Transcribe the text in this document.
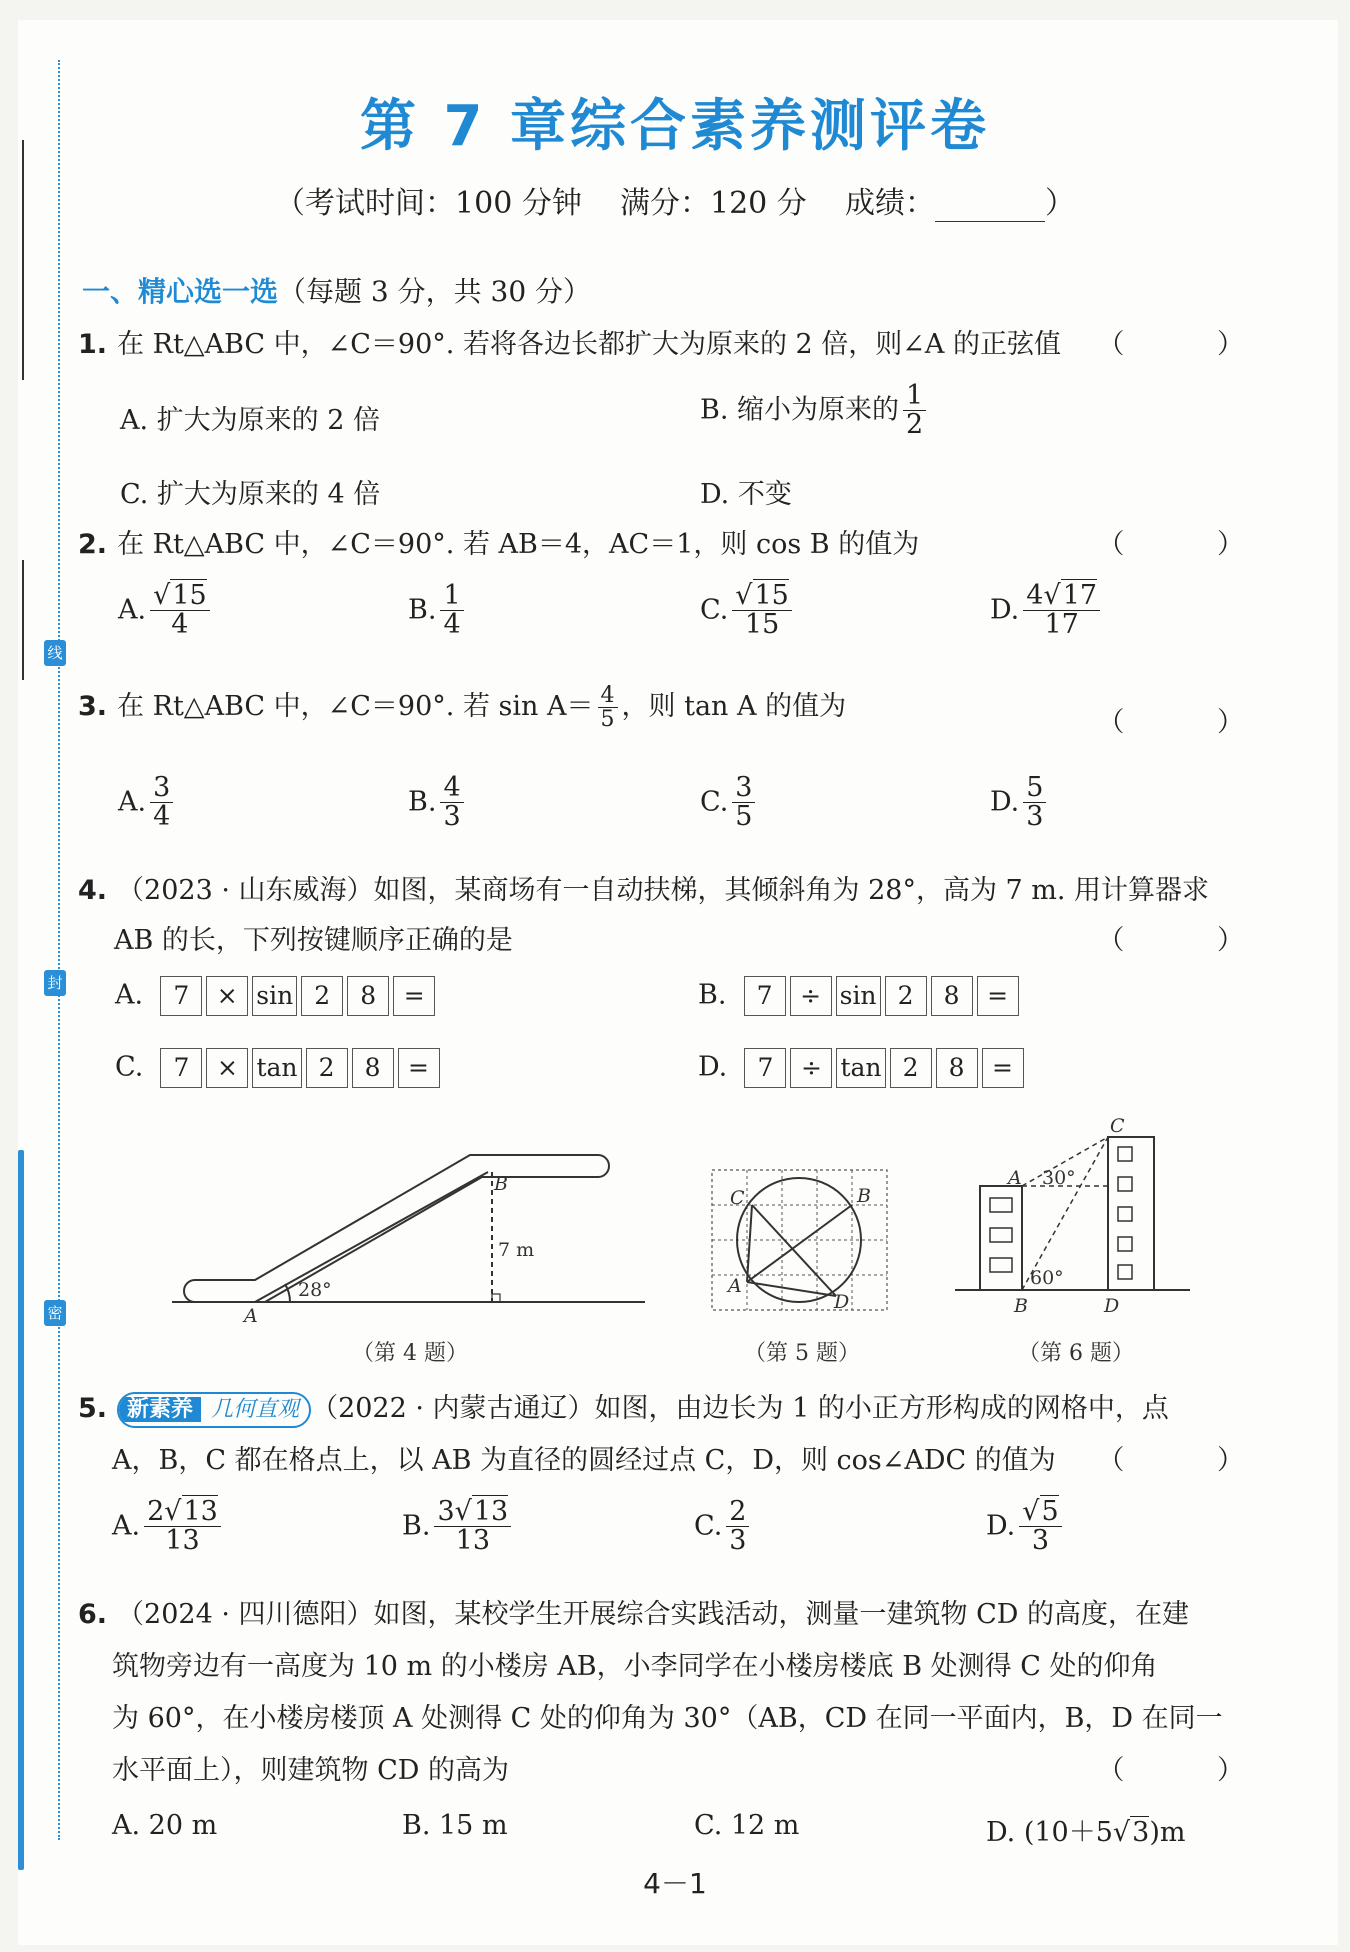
线
封
密
第 7 章综合素养测评卷
（考试时间：100 分钟 满分：120 分 成绩：	）
一、精心选一选（每题 3 分，共 30 分）
1. 在 Rt△ABC 中，∠C＝90°. 若将各边长都扩大为原来的 2 倍，则∠A 的正弦值 （ ）
A. 扩大为原来的 2 倍	B. 缩小为原来的 $\frac{1}{2}$
C. 扩大为原来的 4 倍	D. 不变
2. 在 Rt△ABC 中，∠C＝90°. 若 AB＝4，AC＝1，则 cos B 的值为	（ ）
A. $\frac{√15}{4}$	B. $\frac{1}{4}$	C. $\frac{√15}{15}$	D. $\frac{4√17}{17}$
3. 在 Rt△ABC 中，∠C＝90°. 若 $\sin A= \frac{4}{5}$ ，则 tan A 的值为
（ ）
A. $\frac{3}{4}$	B. $\frac{4}{3}$	C. $\frac{3}{5}$	D. $\frac{5}{3}$
4. （2023 · 山东威海）如图，某商场有一自动扶梯，其倾斜角为 28°，高为 7 m. 用计算器求
AB 的长，下列按键顺序正确的是	（ ）
A. 7 × sin 2 8 =	B. 7 ÷ sin 2 8 =
C. 7 × tan 2 8 =	D. 7 ÷ tan 2 8 =
28°
7 m
A
B
C	B
A
D
C
A 30°
60°
B	D
（第 4 题）	（第 5 题）	（第 6 题）
5. 新素养 几何直观 （2022 · 内蒙古通辽）如图，由边长为 1 的小正方形构成的网格中，点
A，B，C 都在格点上，以 AB 为直径的圆经过点 C，D，则 cos∠ADC 的值为 （ ）
A. $\frac{2√13}{13}$	B. $\frac{3√13}{13}$	C. $\frac{2}{3}$	D. $\frac{√5}{3}$
6. （2024 · 四川德阳）如图，某校学生开展综合实践活动，测量一建筑物 CD 的高度，在建
筑物旁边有一高度为 10 m 的小楼房 AB，小李同学在小楼房楼底 B 处测得 C 处的仰角
为 60°，在小楼房楼顶 A 处测得 C 处的仰角为 30°（AB，CD 在同一平面内，B，D 在同一
水平面上），则建筑物 CD 的高为	（ ）
A. 20 m	B. 15 m	C. 12 m	D. (10＋5√3)m
4－1
